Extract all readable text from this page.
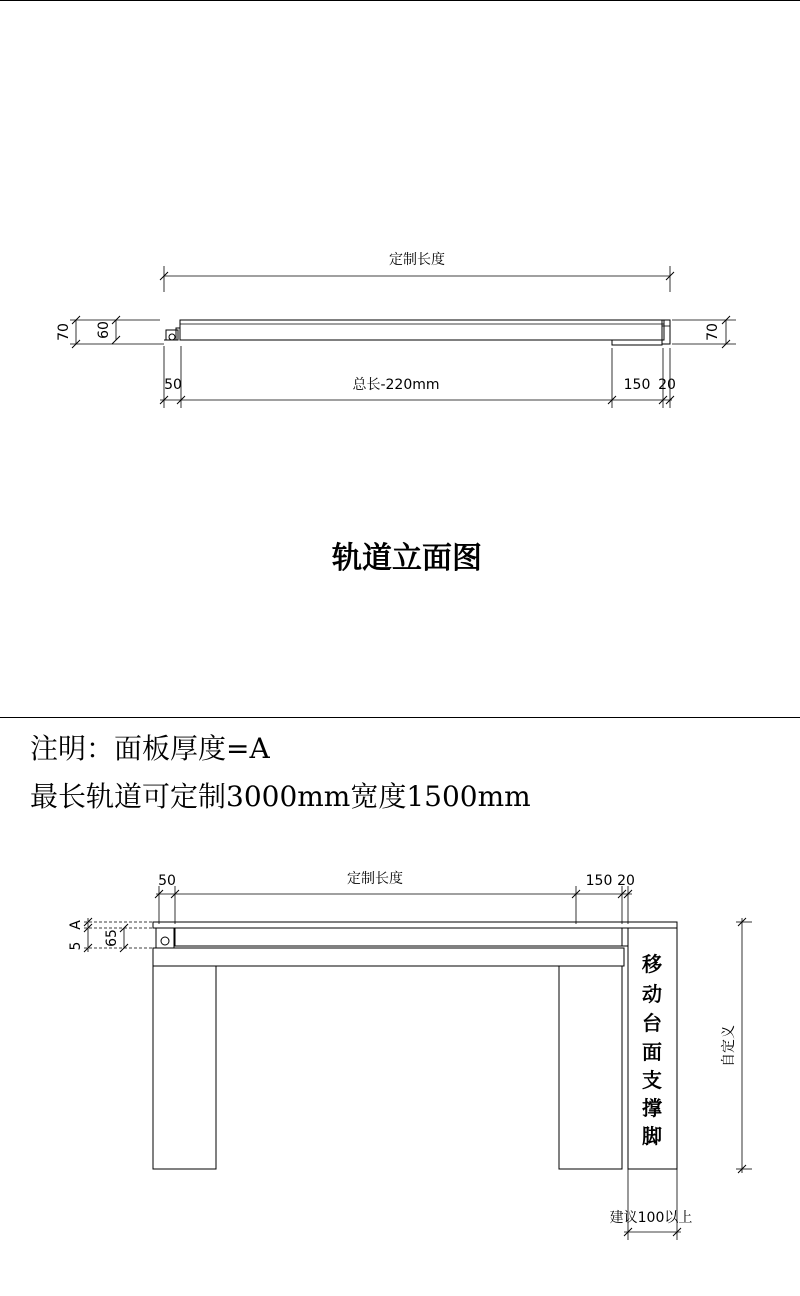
定制长度
70 60	70
50	总长-220mm	150 20
轨道立面图
注明：面板厚度=A
最长轨道可定制3000mm宽度1500mm
50	定制长度	150 20
A
5 65
移
动
台
面
支
撑
脚
自定义
建议100以上
